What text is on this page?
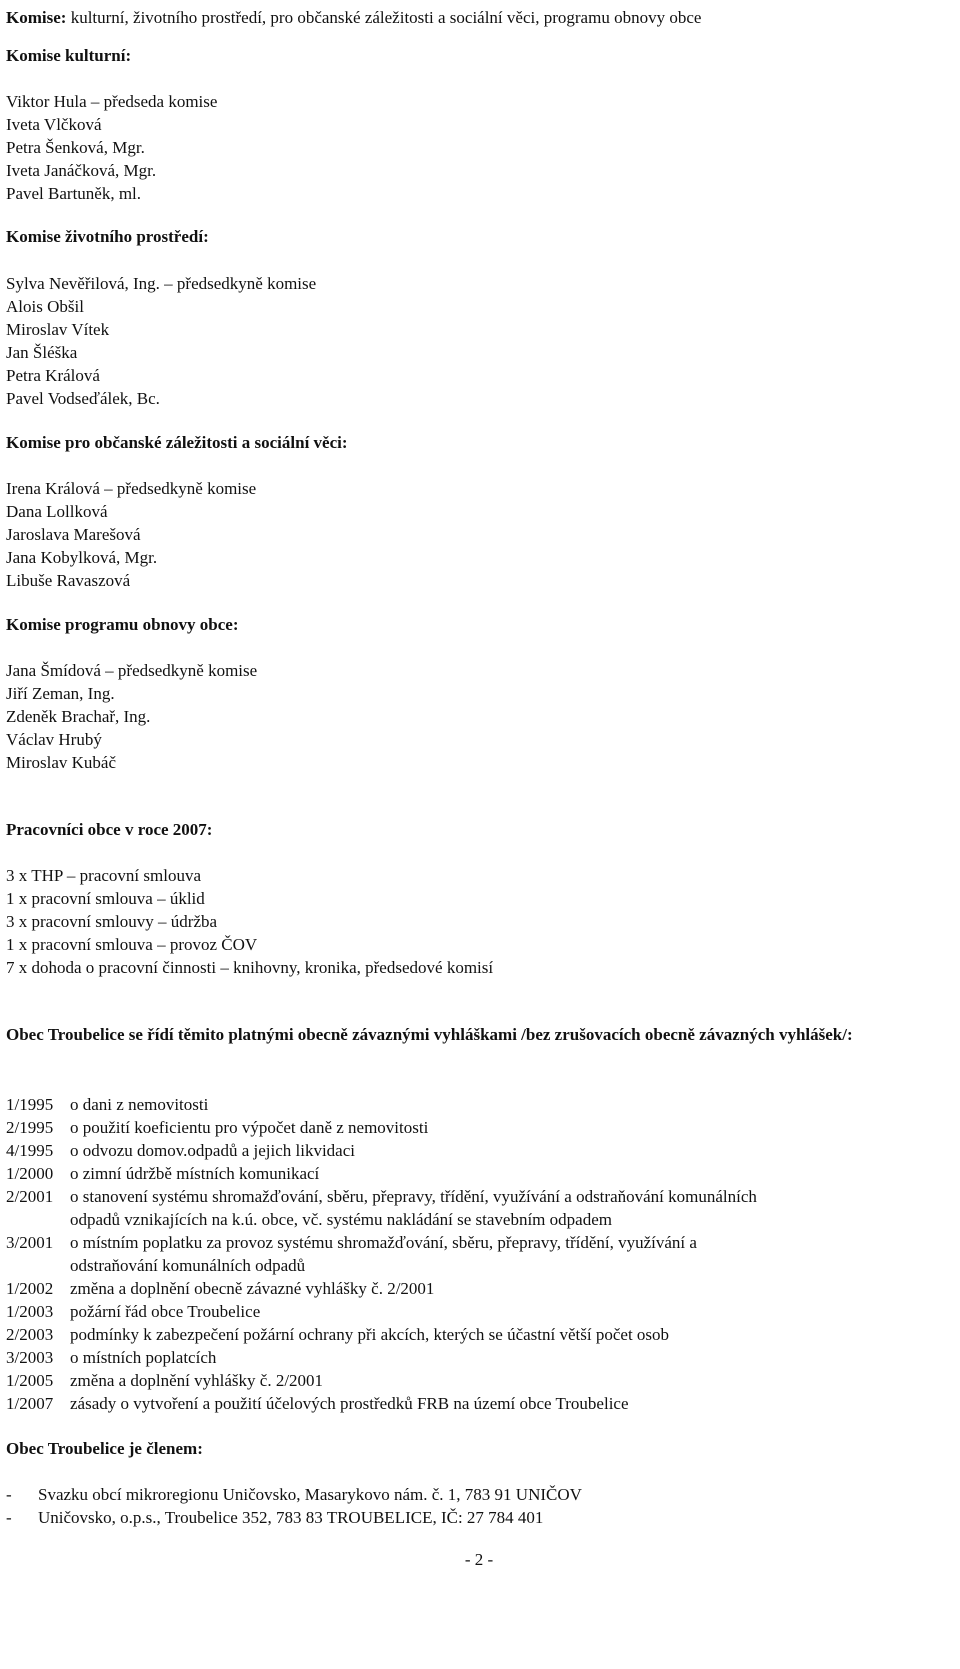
Komise: kulturní, životního prostředí, pro občanské záležitosti a sociální věci, programu obnovy obce
Komise kulturní:
Viktor Hula – předseda komise
Iveta Vlčková
Petra Šenková, Mgr.
Iveta Janáčková, Mgr.
Pavel Bartuněk, ml.
Komise životního prostředí:
Sylva Nevěřilová, Ing. – předsedkyně komise
Alois Obšil
Miroslav Vítek
Jan Šléška
Petra Králová
Pavel Vodseďálek, Bc.
Komise pro občanské záležitosti a sociální věci:
Irena Králová – předsedkyně komise
Dana Lollková
Jaroslava Marešová
Jana Kobylková, Mgr.
Libuše Ravaszová
Komise programu obnovy obce:
Jana Šmídová – předsedkyně komise
Jiří Zeman, Ing.
Zdeněk Brachař, Ing.
Václav Hrubý
Miroslav Kubáč
Pracovníci obce v roce 2007:
3 x THP – pracovní smlouva
1 x pracovní smlouva – úklid
3 x pracovní smlouvy – údržba
1 x pracovní smlouva – provoz ČOV
7 x dohoda o pracovní činnosti – knihovny, kronika, předsedové komisí
Obec Troubelice se řídí těmito platnými obecně závaznými vyhláškami /bez zrušovacích obecně závazných vyhlášek/:
1/1995 o dani z nemovitosti
2/1995 o použití koeficientu pro výpočet daně z nemovitosti
4/1995 o odvozu domov.odpadů a jejich likvidaci
1/2000 o zimní údržbě místních komunikací
2/2001 o stanovení systému shromažďování, sběru, přepravy, třídění, využívání a odstraňování komunálních
odpadů vznikajících na k.ú. obce, vč. systému nakládání se stavebním odpadem
3/2001 o místním poplatku za provoz systému shromažďování, sběru, přepravy, třídění, využívání a
odstraňování komunálních odpadů
1/2002 změna a doplnění obecně závazné vyhlášky č. 2/2001
1/2003 požární řád obce Troubelice
2/2003 podmínky k zabezpečení požární ochrany při akcích, kterých se účastní větší počet osob
3/2003 o místních poplatcích
1/2005 změna a doplnění vyhlášky č. 2/2001
1/2007 zásady o vytvoření a použití účelových prostředků FRB na území obce Troubelice
Obec Troubelice je členem:
- Svazku obcí mikroregionu Uničovsko, Masarykovo nám. č. 1, 783 91 UNIČOV
- Uničovsko, o.p.s., Troubelice 352, 783 83 TROUBELICE, IČ: 27 784 401
- 2 -
